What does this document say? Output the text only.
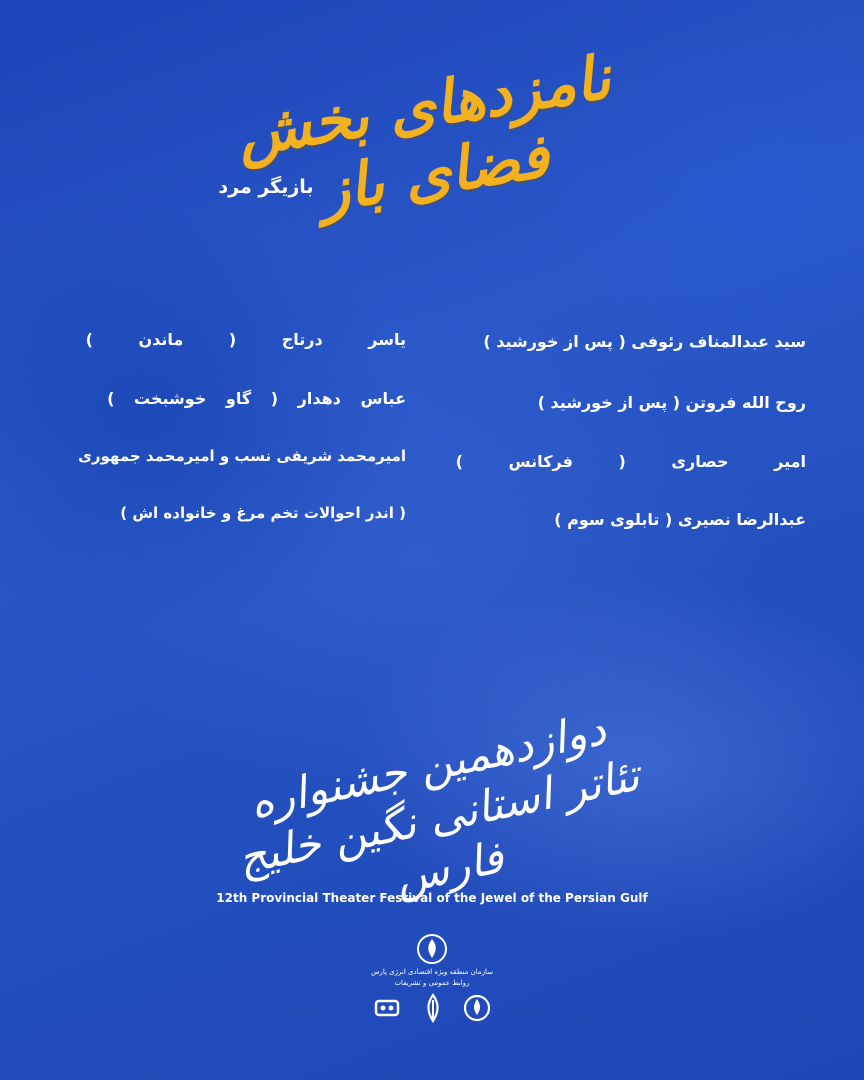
نامزدهای بخش فضای باز
بازیگر مرد
سید عبدالمناف رئوفی ( پس از خورشید )
روح الله فروتن ( پس از خورشید )
امیر حصاری ( فرکانس )
عبدالرضا نصیری ( تابلوی سوم )
یاسر درتاج ( ماندن )
عباس دهدار ( گاو خوشبخت )
امیرمحمد شریفی نسب و امیرمحمد جمهوری
( اندر احوالات تخم مرغ و خانواده اش )
دوازدهمین جشنواره تئاتر استانی نگین خلیج فارس
12th Provincial Theater Festival of the Jewel of the Persian Gulf
سازمان منطقه ویژه اقتصادی انرژی پارس
روابط عمومی و تشریفات
